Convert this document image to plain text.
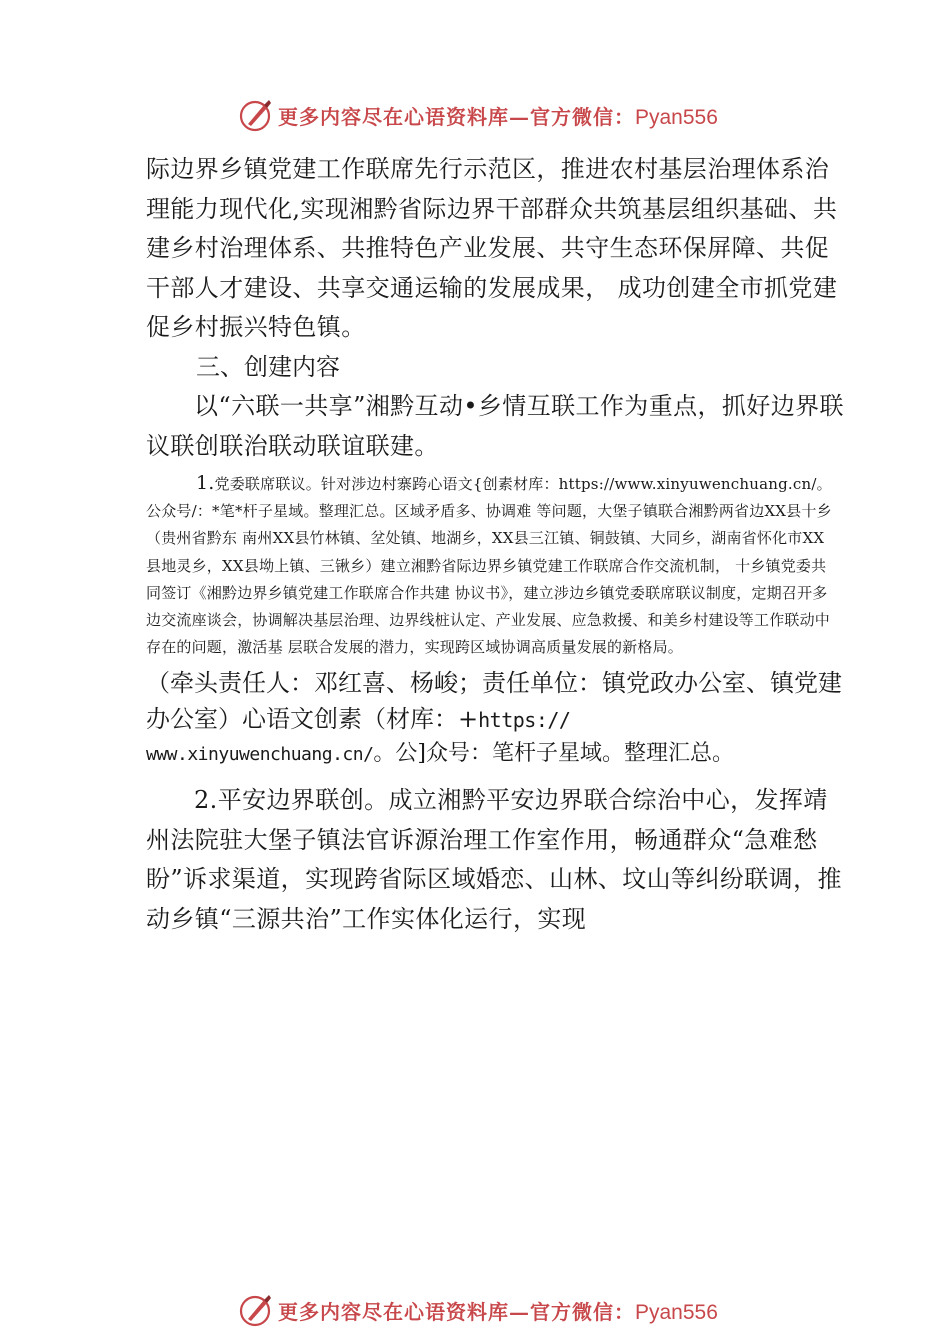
更多内容尽在心语资料库—官方微信：Pyan556

际边界乡镇党建工作联席先行示范区，推进农村基层治理体系治理能力现代化,实现湘黔省际边界干部群众共筑基层组织基础、共建乡村治理体系、共推特色产业发展、共守生态环保屏障、共促干部人才建设、共享交通运输的发展成果， 成功创建全市抓党建促乡村振兴特色镇。

三、创建内容

以“六联一共享”湘黔互动•乡情互联工作为重点，抓好边界联议联创联治联动联谊联建。

1.党委联席联议。针对涉边村寨跨心语文{创素材库：https://www.xinyuwenchuang.cn/。公众号/：*笔*杆子星域。整理汇总。区域矛盾多、协调难 等问题，大堡子镇联合湘黔两省边XX县十乡（贵州省黔东 南州XX县竹林镇、坌处镇、地湖乡，XX县三江镇、铜鼓镇、大同乡，湖南省怀化市XX县地灵乡，XX县坳上镇、三锹乡）建立湘黔省际边界乡镇党建工作联席合作交流机制， 十乡镇党委共同签订《湘黔边界乡镇党建工作联席合作共建 协议书》，建立涉边乡镇党委联席联议制度，定期召开多边交流座谈会，协调解决基层治理、边界线桩认定、产业发展、应急救援、和美乡村建设等工作联动中存在的问题，激活基 层联合发展的潜力，实现跨区域协调高质量发展的新格局。

（牵头责任人：邓红喜、杨峻；责任单位：镇党政办公室、镇党建办公室）心语文创素（材库：+https://
www.xinyuwenchuang.cn/。公]众号：笔杆子星域。整理汇总。

2.平安边界联创。成立湘黔平安边界联合综治中心，发挥靖州法院驻大堡子镇法官诉源治理工作室作用，畅通群众“急难愁盼”诉求渠道，实现跨省际区域婚恋、山林、坟山等纠纷联调，推动乡镇“三源共治”工作实体化运行，实现

更多内容尽在心语资料库—官方微信：Pyan556
